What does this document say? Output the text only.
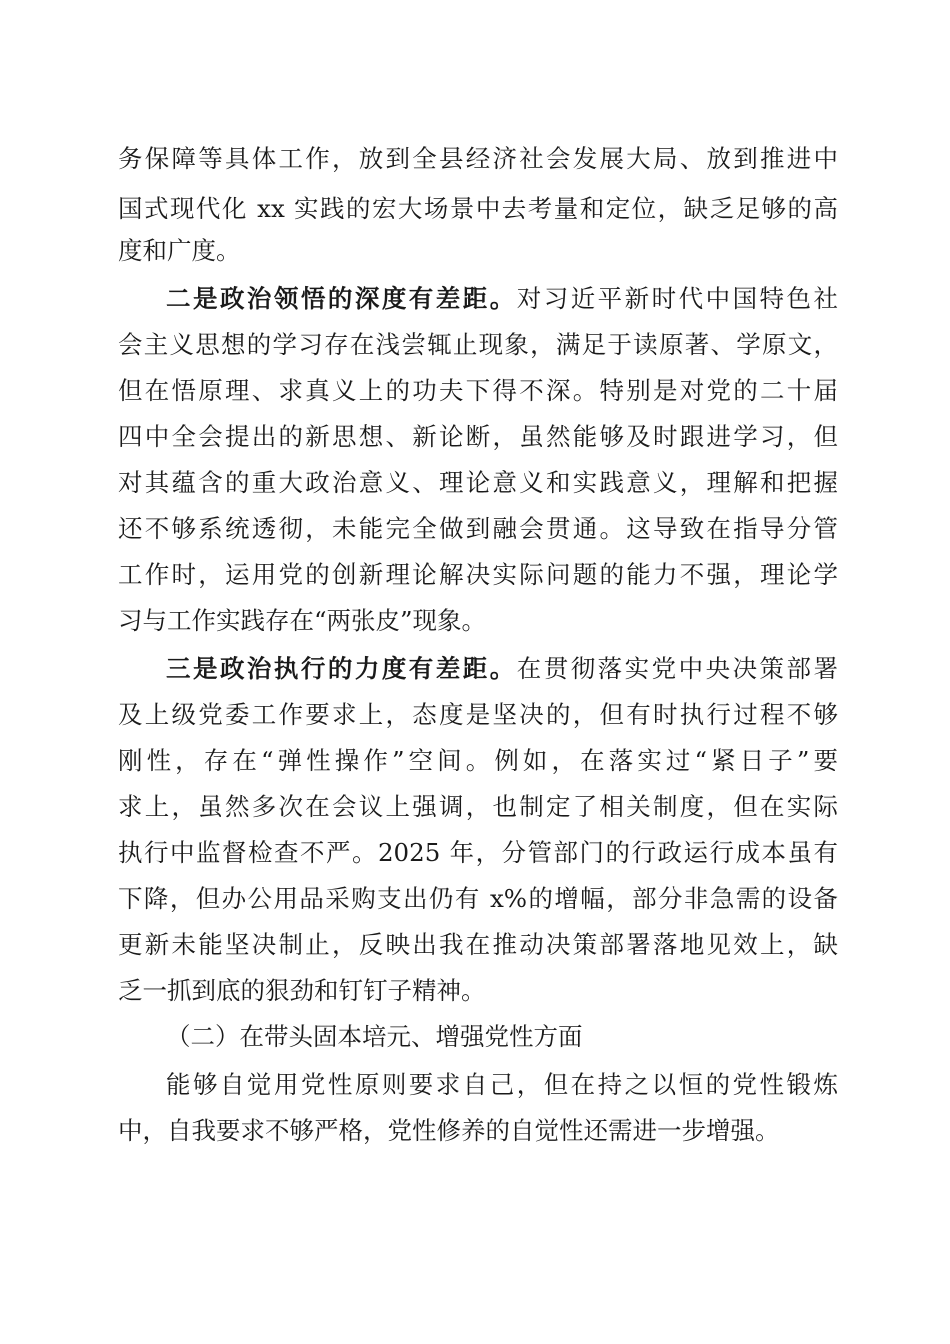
务保障等具体工作，放到全县经济社会发展大局、放到推进中

国式现代化 xx 实践的宏大场景中去考量和定位，缺乏足够的高

度和广度。

二是政治领悟的深度有差距。对习近平新时代中国特色社

会主义思想的学习存在浅尝辄止现象，满足于读原著、学原文，

但在悟原理、求真义上的功夫下得不深。特别是对党的二十届

四中全会提出的新思想、新论断，虽然能够及时跟进学习，但

对其蕴含的重大政治意义、理论意义和实践意义，理解和把握

还不够系统透彻，未能完全做到融会贯通。这导致在指导分管

工作时，运用党的创新理论解决实际问题的能力不强，理论学

习与工作实践存在“两张皮”现象。

三是政治执行的力度有差距。在贯彻落实党中央决策部署

及上级党委工作要求上，态度是坚决的，但有时执行过程不够

刚性，存在“弹性操作”空间。例如，在落实过“紧日子”要

求上，虽然多次在会议上强调，也制定了相关制度，但在实际

执行中监督检查不严。2025 年，分管部门的行政运行成本虽有

下降，但办公用品采购支出仍有 x%的增幅，部分非急需的设备

更新未能坚决制止，反映出我在推动决策部署落地见效上，缺

乏一抓到底的狠劲和钉钉子精神。

（二）在带头固本培元、增强党性方面

能够自觉用党性原则要求自己，但在持之以恒的党性锻炼

中，自我要求不够严格，党性修养的自觉性还需进一步增强。
